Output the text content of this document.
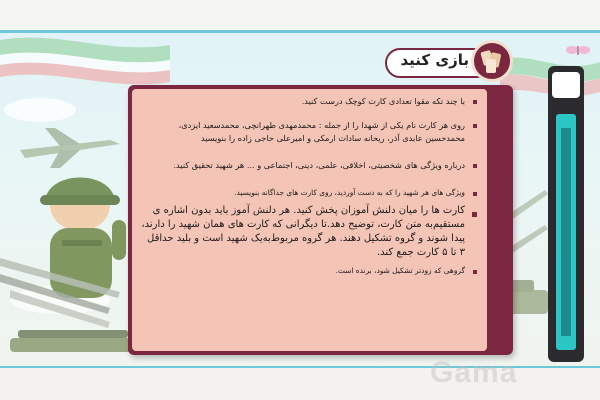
بازی کنید
با چند تکه مقوا تعدادی کارت کوچک درست کنید.
روی هر کارت نام یکی از شهدا را از جمله : محمدمهدی طهرانچی، محمدسعید ایزدی، محمدحسین عابدی آذر، ریحانه سادات ارمکی و امیرعلی حاجی زاده را بنویسید
درباره ویژگی های شخصیتی، اخلاقی، علمی، دینی، اجتماعی و ... هر شهید تحقیق کنید.
ویژگی های هر شهید را که به دست آوردید، روی کارت های جداگانه بنویسید.
کارت ها را میان دلنش آموزان پخش کنید. هر دلنش آموز باید بدون اشاره ی مستقیم‌به متن کارت، توضیح دهد.تا دیگرانی که کارت های همان شهید را دارند، پیدا شوند و گروه تشکیل دهند. هر گروه مربوط‌به‌یک شهید است و بلید حداقل ۳ تا ۵ کارت جمع کند.
گروهی که زودتر تشکیل شود، برنده است.
Gama
